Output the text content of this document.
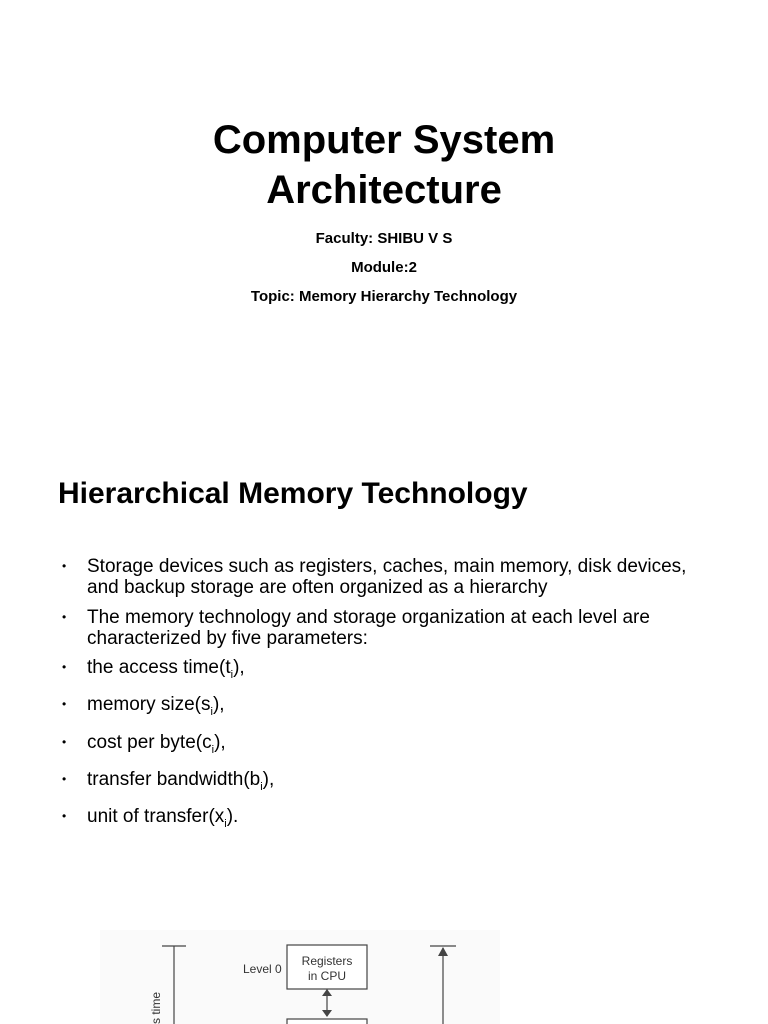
Computer System
Architecture
Faculty: SHIBU V S
Module:2
Topic: Memory Hierarchy Technology
Hierarchical Memory Technology
• Storage devices such as registers, caches, main memory, disk devices, and backup storage are often organized as a hierarchy
• The memory technology and storage organization at each level are characterized by five parameters:
• the access $time(t_i)$,
• memory $size(s_i)$,
• cost per $byte(c_i)$,
• transfer $bandwidth(b_i)$,
• unit of $transfer(x_i)$.
s time
Level 0
Registers
in CPU
